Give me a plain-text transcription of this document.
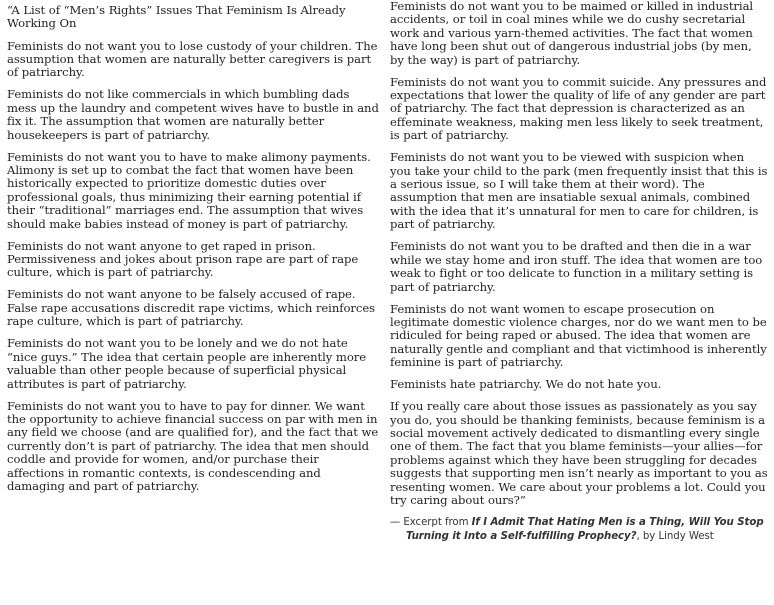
“A List of “Men’s Rights” Issues That Feminism Is Already Working On

Feminists do not want you to lose custody of your children. The assumption that women are naturally better caregivers is part of patriarchy.

Feminists do not like commercials in which bumbling dads mess up the laundry and competent wives have to bustle in and fix it. The assumption that women are naturally better housekeepers is part of patriarchy.

Feminists do not want you to have to make alimony payments. Alimony is set up to combat the fact that women have been historically expected to prioritize domestic duties over professional goals, thus minimizing their earning potential if their “traditional” marriages end. The assumption that wives should make babies instead of money is part of patriarchy.

Feminists do not want anyone to get raped in prison. Permissiveness and jokes about prison rape are part of rape culture, which is part of patriarchy.

Feminists do not want anyone to be falsely accused of rape. False rape accusations discredit rape victims, which reinforces rape culture, which is part of patriarchy.

Feminists do not want you to be lonely and we do not hate “nice guys.” The idea that certain people are inherently more valuable than other people because of superficial physical attributes is part of patriarchy.

Feminists do not want you to have to pay for dinner. We want the opportunity to achieve financial success on par with men in any field we choose (and are qualified for), and the fact that we currently don’t is part of patriarchy. The idea that men should coddle and provide for women, and/or purchase their affections in romantic contexts, is condescending and damaging and part of patriarchy.

Feminists do not want you to be maimed or killed in industrial accidents, or toil in coal mines while we do cushy secretarial work and various yarn-themed activities. The fact that women have long been shut out of dangerous industrial jobs (by men, by the way) is part of patriarchy.

Feminists do not want you to commit suicide. Any pressures and expectations that lower the quality of life of any gender are part of patriarchy. The fact that depression is characterized as an effeminate weakness, making men less likely to seek treatment, is part of patriarchy.

Feminists do not want you to be viewed with suspicion when you take your child to the park (men frequently insist that this is a serious issue, so I will take them at their word). The assumption that men are insatiable sexual animals, combined with the idea that it’s unnatural for men to care for children, is part of patriarchy.

Feminists do not want you to be drafted and then die in a war while we stay home and iron stuff. The idea that women are too weak to fight or too delicate to function in a military setting is part of patriarchy.

Feminists do not want women to escape prosecution on legitimate domestic violence charges, nor do we want men to be ridiculed for being raped or abused. The idea that women are naturally gentle and compliant and that victimhood is inherently feminine is part of patriarchy.

Feminists hate patriarchy. We do not hate you.

If you really care about those issues as passionately as you say you do, you should be thanking feminists, because feminism is a social movement actively dedicated to dismantling every single one of them. The fact that you blame feminists—your allies—for problems against which they have been struggling for decades suggests that supporting men isn’t nearly as important to you as resenting women. We care about your problems a lot. Could you try caring about ours?”

— Excerpt from If I Admit That Hating Men is a Thing, Will You Stop
Turning it Into a Self-fulfilling Prophecy?, by Lindy West
